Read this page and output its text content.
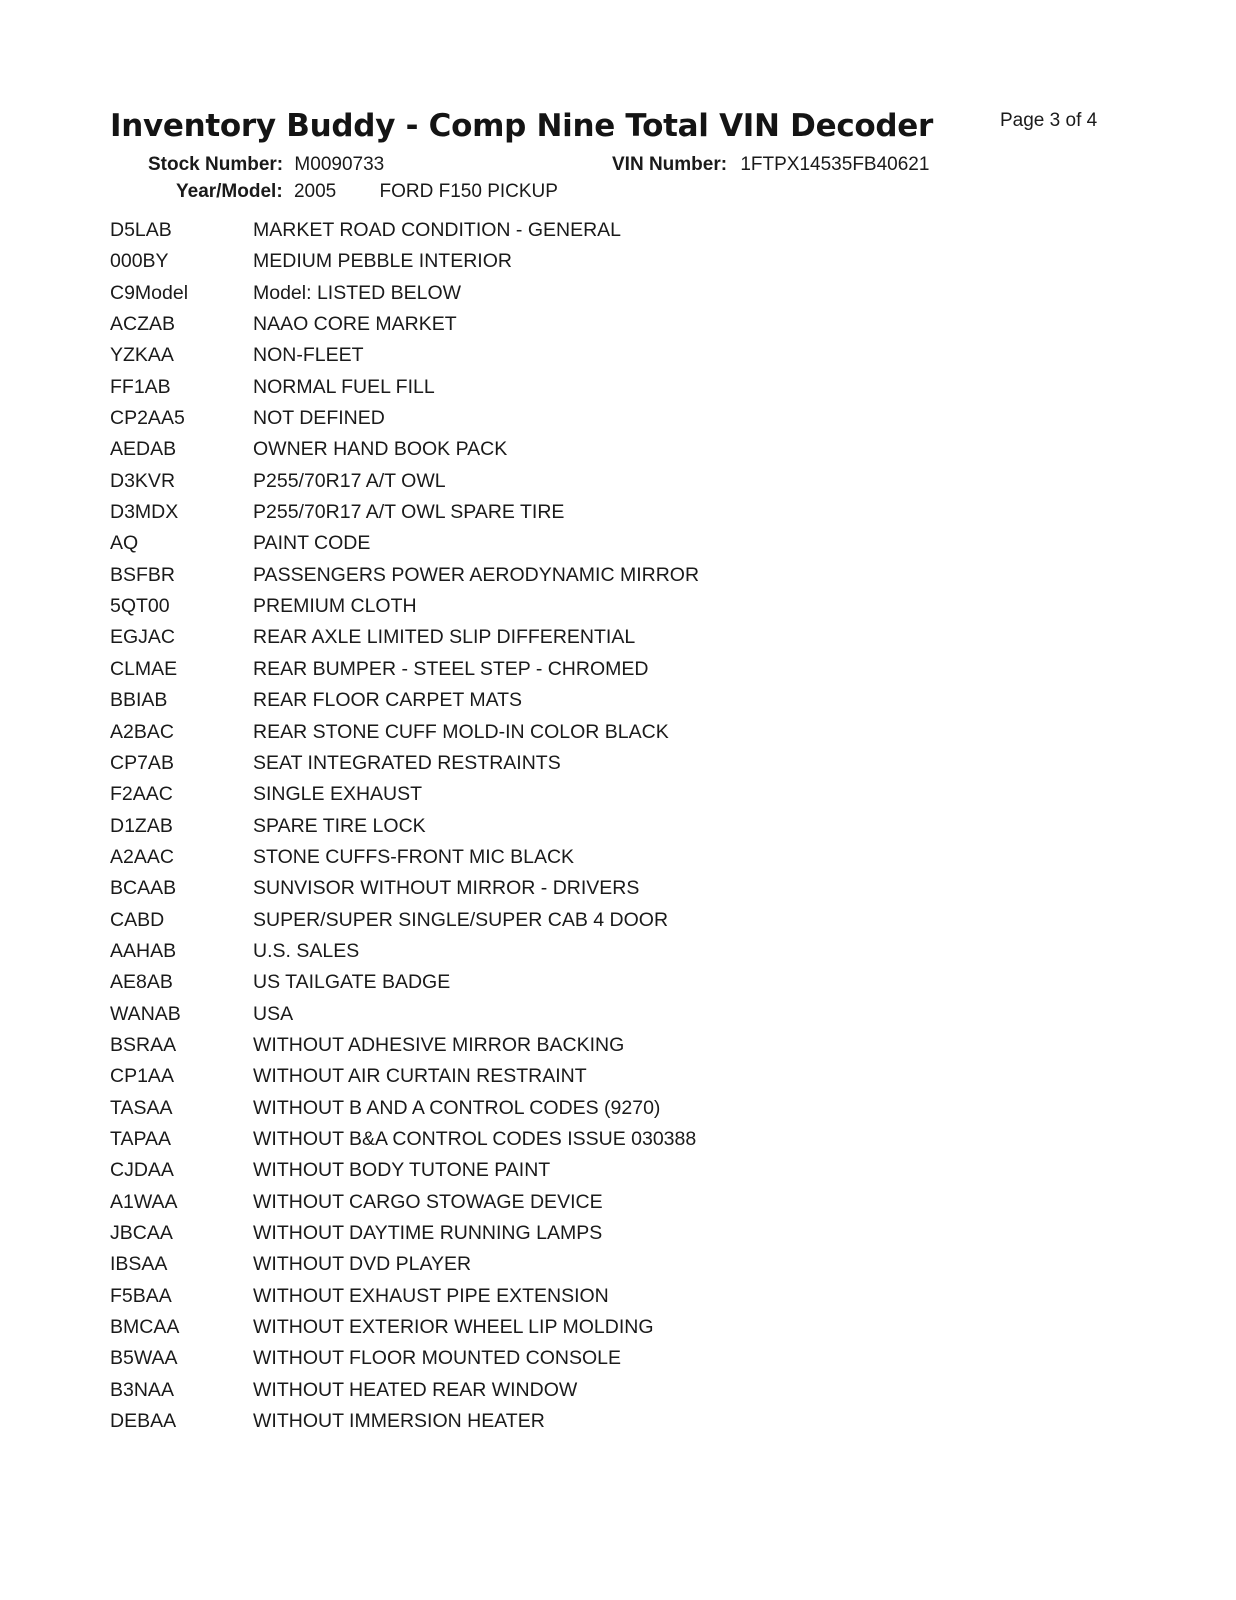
Inventory Buddy - Comp Nine Total VIN Decoder	Page 3 of 4
Stock Number: M0090733	VIN Number: 1FTPX14535FB40621
Year/Model: 2005 FORD F150 PICKUP
D5LAB	MARKET ROAD CONDITION - GENERAL
000BY	MEDIUM PEBBLE INTERIOR
C9Model	Model: LISTED BELOW
ACZAB	NAAO CORE MARKET
YZKAA	NON-FLEET
FF1AB	NORMAL FUEL FILL
CP2AA5	NOT DEFINED
AEDAB	OWNER HAND BOOK PACK
D3KVR	P255/70R17 A/T OWL
D3MDX	P255/70R17 A/T OWL SPARE TIRE
AQ	PAINT CODE
BSFBR	PASSENGERS POWER AERODYNAMIC MIRROR
5QT00	PREMIUM CLOTH
EGJAC	REAR AXLE LIMITED SLIP DIFFERENTIAL
CLMAE	REAR BUMPER - STEEL STEP - CHROMED
BBIAB	REAR FLOOR CARPET MATS
A2BAC	REAR STONE CUFF MOLD-IN COLOR BLACK
CP7AB	SEAT INTEGRATED RESTRAINTS
F2AAC	SINGLE EXHAUST
D1ZAB	SPARE TIRE LOCK
A2AAC	STONE CUFFS-FRONT MIC BLACK
BCAAB	SUNVISOR WITHOUT MIRROR - DRIVERS
CABD	SUPER/SUPER SINGLE/SUPER CAB 4 DOOR
AAHAB	U.S. SALES
AE8AB	US TAILGATE BADGE
WANAB	USA
BSRAA	WITHOUT ADHESIVE MIRROR BACKING
CP1AA	WITHOUT AIR CURTAIN RESTRAINT
TASAA	WITHOUT B AND A CONTROL CODES (9270)
TAPAA	WITHOUT B&A CONTROL CODES ISSUE 030388
CJDAA	WITHOUT BODY TUTONE PAINT
A1WAA	WITHOUT CARGO STOWAGE DEVICE
JBCAA	WITHOUT DAYTIME RUNNING LAMPS
IBSAA	WITHOUT DVD PLAYER
F5BAA	WITHOUT EXHAUST PIPE EXTENSION
BMCAA	WITHOUT EXTERIOR WHEEL LIP MOLDING
B5WAA	WITHOUT FLOOR MOUNTED CONSOLE
B3NAA	WITHOUT HEATED REAR WINDOW
DEBAA	WITHOUT IMMERSION HEATER
